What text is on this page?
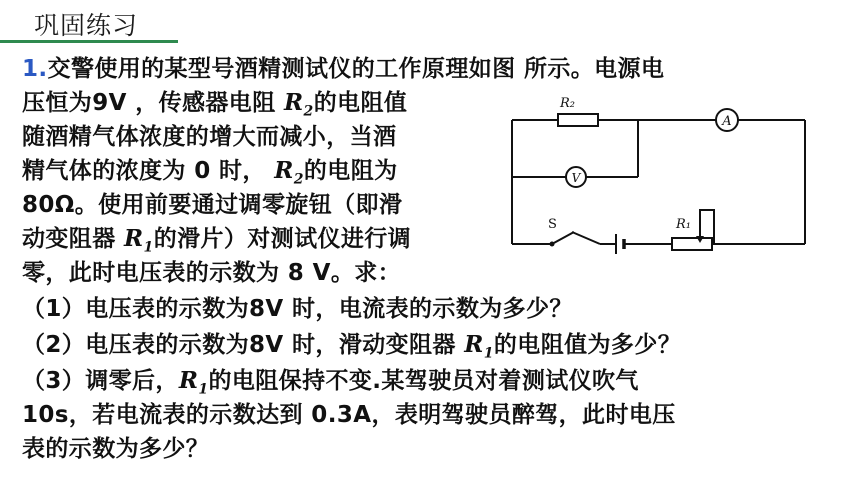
巩固练习
1.交警使用的某型号酒精测试仪的工作原理如图 所示。电源电
压恒为9V ，传感器电阻 $R_2$的电阻值
随酒精气体浓度的增大而减小，当酒
精气体的浓度为 0 时， $R_2$的电阻为
80Ω。使用前要通过调零旋钮（即滑
动变阻器 $R_1$的滑片）对测试仪进行调
零，此时电压表的示数为 8 V。求：
（1）电压表的示数为8V 时，电流表的示数为多少？
（2）电压表的示数为8V 时，滑动变阻器 $R_1$的电阻值为多少？
（3）调零后，$R_1$的电阻保持不变.某驾驶员对着测试仪吹气
10s，若电流表的示数达到 0.3A，表明驾驶员醉驾，此时电压
表的示数为多少？
R₂
A
V
S	R₁
